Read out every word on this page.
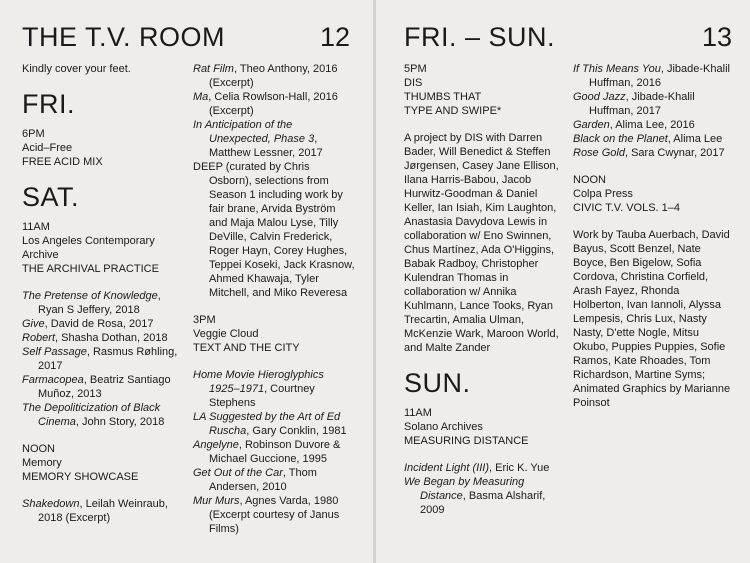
THE T.V. ROOM	12
Kindly cover your feet.
FRI.
6PM
Acid–Free
FREE ACID MIX
SAT.
11AM
Los Angeles Contemporary
Archive
THE ARCHIVAL PRACTICE
The Pretense of Knowledge, Ryan S Jeffery, 2018
Give, David de Rosa, 2017
Robert, Shasha Dothan, 2018
Self Passage, Rasmus Røhling, 2017
Farmacopea, Beatriz Santiago Muñoz, 2013
The Depoliticization of Black Cinema, John Story, 2018
NOON
Memory
MEMORY SHOWCASE
Shakedown, Leilah Weinraub, 2018 (Excerpt)
Rat Film, Theo Anthony, 2016 (Excerpt)
Ma, Celia Rowlson-Hall, 2016 (Excerpt)
In Anticipation of the Unexpected, Phase 3, Matthew Lessner, 2017
DEEP (curated by Chris Osborn), selections from Season 1 including work by fair brane, Arvida Byström and Maja Malou Lyse, Tilly DeVille, Calvin Frederick, Roger Hayn, Corey Hughes, Teppei Koseki, Jack Krasnow, Ahmed Khawaja, Tyler Mitchell, and Miko Reveresa
3PM
Veggie Cloud
TEXT AND THE CITY
Home Movie Hieroglyphics 1925–1971, Courtney Stephens
LA Suggested by the Art of Ed Ruscha, Gary Conklin, 1981
Angelyne, Robinson Duvore & Michael Guccione, 1995
Get Out of the Car, Thom Andersen, 2010
Mur Murs, Agnes Varda, 1980 (Excerpt courtesy of Janus Films)
FRI. – SUN.	13
5PM
DIS
THUMBS THAT
TYPE AND SWIPE*
A project by DIS with Darren Bader, Will Benedict & Steffen Jørgensen, Casey Jane Ellison, Ilana Harris-Babou, Jacob Hurwitz-Goodman & Daniel Keller, Ian Isiah, Kim Laughton, Anastasia Davydova Lewis in collaboration w/ Eno Swinnen, Chus Martínez, Ada O'Higgins, Babak Radboy, Christopher Kulendran Thomas in collaboration w/ Annika Kuhlmann, Lance Tooks, Ryan Trecartin, Amalia Ulman, McKenzie Wark, Maroon World, and Malte Zander
SUN.
11AM
Solano Archives
MEASURING DISTANCE
Incident Light (III), Eric K. Yue
We Began by Measuring Distance, Basma Alsharif, 2009
If This Means You, Jibade-Khalil Huffman, 2016
Good Jazz, Jibade-Khalil Huffman, 2017
Garden, Alima Lee, 2016
Black on the Planet, Alima Lee
Rose Gold, Sara Cwynar, 2017
NOON
Colpa Press
CIVIC T.V. VOLS. 1–4
Work by Tauba Auerbach, David Bayus, Scott Benzel, Nate Boyce, Ben Bigelow, Sofia Cordova, Christina Corfield, Arash Fayez, Rhonda Holberton, Ivan Iannoli, Alyssa Lempesis, Chris Lux, Nasty Nasty, D'ette Nogle, Mitsu Okubo, Puppies Puppies, Sofie Ramos, Kate Rhoades, Tom Richardson, Martine Syms; Animated Graphics by Marianne Poinsot
